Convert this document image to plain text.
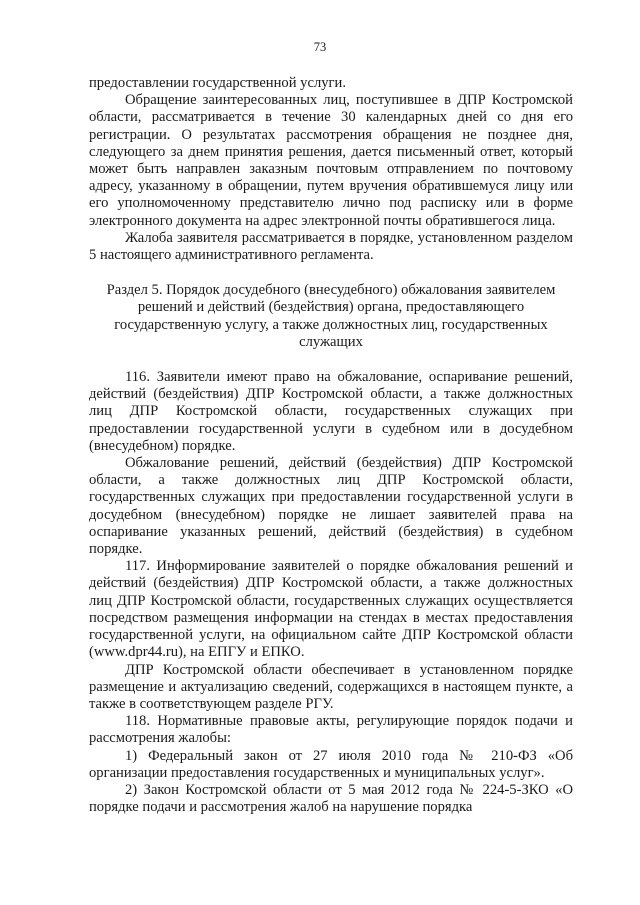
73

предоставлении государственной услуги.

Обращение заинтересованных лиц, поступившее в ДПР Костромской области, рассматривается в течение 30 календарных дней со дня его регистрации. О результатах рассмотрения обращения не позднее дня, следующего за днем принятия решения, дается письменный ответ, который может быть направлен заказным почтовым отправлением по почтовому адресу, указанному в обращении, путем вручения обратившемуся лицу или его уполномоченному представителю лично под расписку или в форме электронного документа на адрес электронной почты обратившегося лица.

Жалоба заявителя рассматривается в порядке, установленном разделом 5 настоящего административного регламента.

Раздел 5. Порядок досудебного (внесудебного) обжалования заявителем решений и действий (бездействия) органа, предоставляющего государственную услугу, а также должностных лиц, государственных служащих

116. Заявители имеют право на обжалование, оспаривание решений, действий (бездействия) ДПР Костромской области, а также должностных лиц ДПР Костромской области, государственных служащих при предоставлении государственной услуги в судебном или в досудебном (внесудебном) порядке.

Обжалование решений, действий (бездействия) ДПР Костромской области, а также должностных лиц ДПР Костромской области, государственных служащих при предоставлении государственной услуги в досудебном (внесудебном) порядке не лишает заявителей права на оспаривание указанных решений, действий (бездействия) в судебном порядке.

117. Информирование заявителей о порядке обжалования решений и действий (бездействия) ДПР Костромской области, а также должностных лиц ДПР Костромской области, государственных служащих осуществляется посредством размещения информации на стендах в местах предоставления государственной услуги, на официальном сайте ДПР Костромской области (www.dpr44.ru), на ЕПГУ и ЕПКО.

ДПР Костромской области обеспечивает в установленном порядке размещение и актуализацию сведений, содержащихся в настоящем пункте, а также в соответствующем разделе РГУ.

118. Нормативные правовые акты, регулирующие порядок подачи и рассмотрения жалобы:

1) Федеральный закон от 27 июля 2010 года № 210-ФЗ «Об организации предоставления государственных и муниципальных услуг».

2) Закон Костромской области от 5 мая 2012 года № 224-5-ЗКО «О порядке подачи и рассмотрения жалоб на нарушение порядка
